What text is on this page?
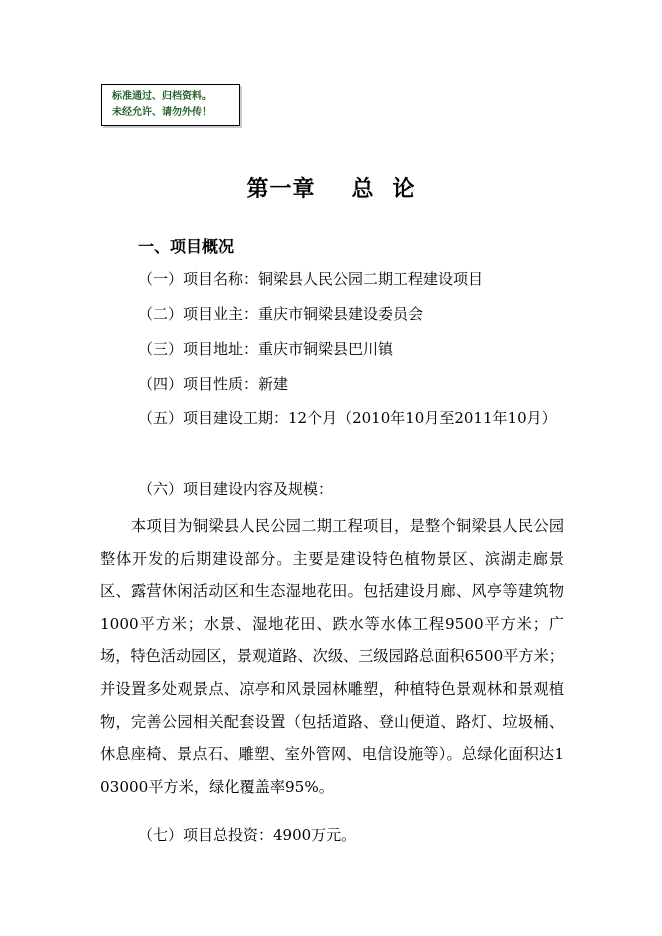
标准通过、归档资料。
未经允许、请勿外传！
第一章 总 论
一、项目概况
（一）项目名称：铜梁县人民公园二期工程建设项目
（二）项目业主：重庆市铜梁县建设委员会
（三）项目地址：重庆市铜梁县巴川镇
（四）项目性质：新建
（五）项目建设工期：12个月（2010年10月至2011年10月）
（六）项目建设内容及规模：
本项目为铜梁县人民公园二期工程项目，是整个铜梁县人民公园整体开发的后期建设部分。主要是建设特色植物景区、滨湖走廊景区、露营休闲活动区和生态湿地花田。包括建设月廊、风亭等建筑物1000平方米；水景、湿地花田、跌水等水体工程9500平方米；广场，特色活动园区，景观道路、次级、三级园路总面积6500平方米；并设置多处观景点、凉亭和风景园林雕塑，种植特色景观林和景观植物，完善公园相关配套设置（包括道路、登山便道、路灯、垃圾桶、休息座椅、景点石、雕塑、室外管网、电信设施等）。总绿化面积达103000平方米，绿化覆盖率95%。
（七）项目总投资：4900万元。
